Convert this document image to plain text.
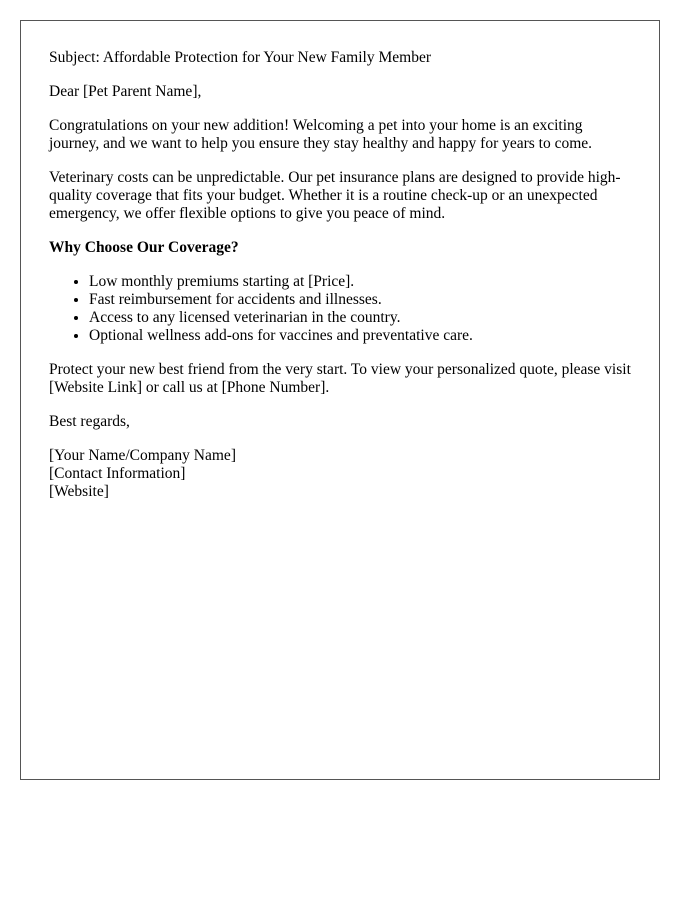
Subject: Affordable Protection for Your New Family Member

Dear [Pet Parent Name],

Congratulations on your new addition! Welcoming a pet into your home is an exciting journey, and we want to help you ensure they stay healthy and happy for years to come.

Veterinary costs can be unpredictable. Our pet insurance plans are designed to provide high-quality coverage that fits your budget. Whether it is a routine check-up or an unexpected emergency, we offer flexible options to give you peace of mind.

Why Choose Our Coverage?

• Low monthly premiums starting at [Price].
• Fast reimbursement for accidents and illnesses.
• Access to any licensed veterinarian in the country.
• Optional wellness add-ons for vaccines and preventative care.

Protect your new best friend from the very start. To view your personalized quote, please visit [Website Link] or call us at [Phone Number].

Best regards,

[Your Name/Company Name]
[Contact Information]
[Website]
